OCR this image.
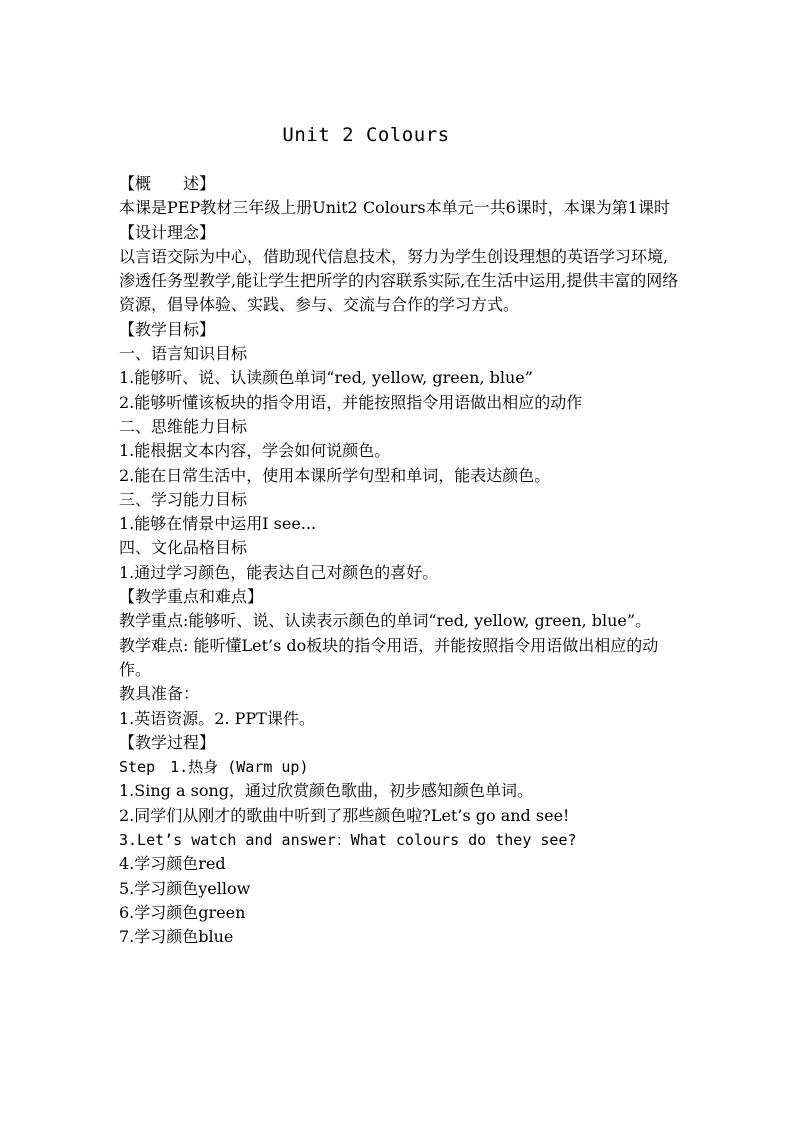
Unit 2 Colours
【概　　述】
本课是PEP教材三年级上册Unit2 Colours本单元一共6课时，本课为第1课时
【设计理念】
以言语交际为中心，借助现代信息技术，努力为学生创设理想的英语学习环境,渗透任务型教学,能让学生把所学的内容联系实际,在生活中运用,提供丰富的网络资源，倡导体验、实践、参与、交流与合作的学习方式。
【教学目标】
一、语言知识目标
1.能够听、说、认读颜色单词“red, yellow, green, blue”
2.能够听懂该板块的指令用语，并能按照指令用语做出相应的动作
二、思维能力目标
1.能根据文本内容，学会如何说颜色。
2.能在日常生活中，使用本课所学句型和单词，能表达颜色。
三、学习能力目标
1.能够在情景中运用I see...
四、文化品格目标
1.通过学习颜色，能表达自己对颜色的喜好。
【教学重点和难点】
教学重点:能够听、说、认读表示颜色的单词“red, yellow, green, blue”。
教学难点: 能听懂Let’s do板块的指令用语，并能按照指令用语做出相应的动作。
教具准备：
1.英语资源。2. PPT课件。
【教学过程】
Step　1.热身 (Warm up)
1.Sing a song，通过欣赏颜色歌曲，初步感知颜色单词。
2.同学们从刚才的歌曲中听到了那些颜色啦?Let’s go and see!
3.Let’s watch and answer：What colours do they see?
4.学习颜色red
5.学习颜色yellow
6.学习颜色green
7.学习颜色blue
